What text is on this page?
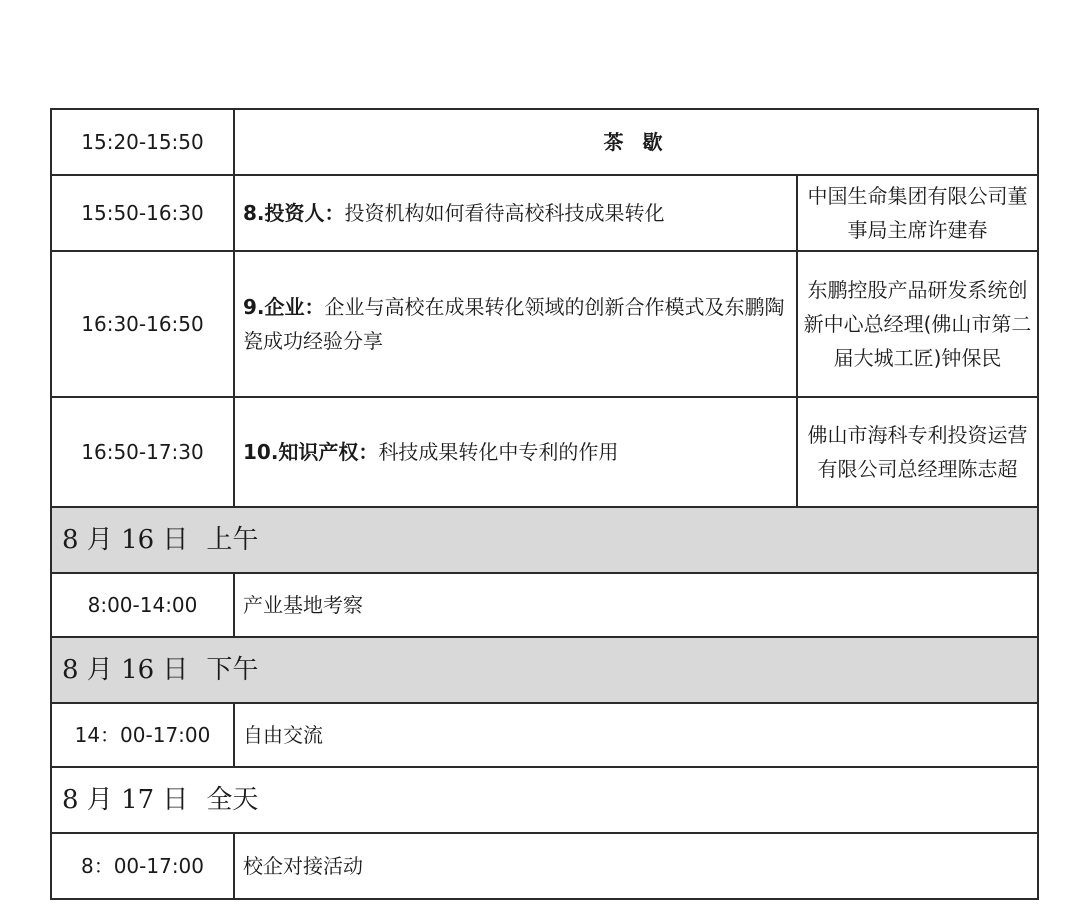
15:20-15:50	茶 歇	
15:50-16:30	8.投资人：投资机构如何看待高校科技成果转化	中国生命集团有限公司董事局主席许建春
16:30-16:50	9.企业：企业与高校在成果转化领域的创新合作模式及东鹏陶瓷成功经验分享	东鹏控股产品研发系统创新中心总经理(佛山市第二届大城工匠)钟保民
16:50-17:30	10.知识产权：科技成果转化中专利的作用	佛山市海科专利投资运营有限公司总经理陈志超
8 月 16 日 上午		
8:00-14:00	产业基地考察	
8 月 16 日 下午		
14：00-17:00	自由交流	
8 月 17 日 全天		
8：00-17:00	校企对接活动	
